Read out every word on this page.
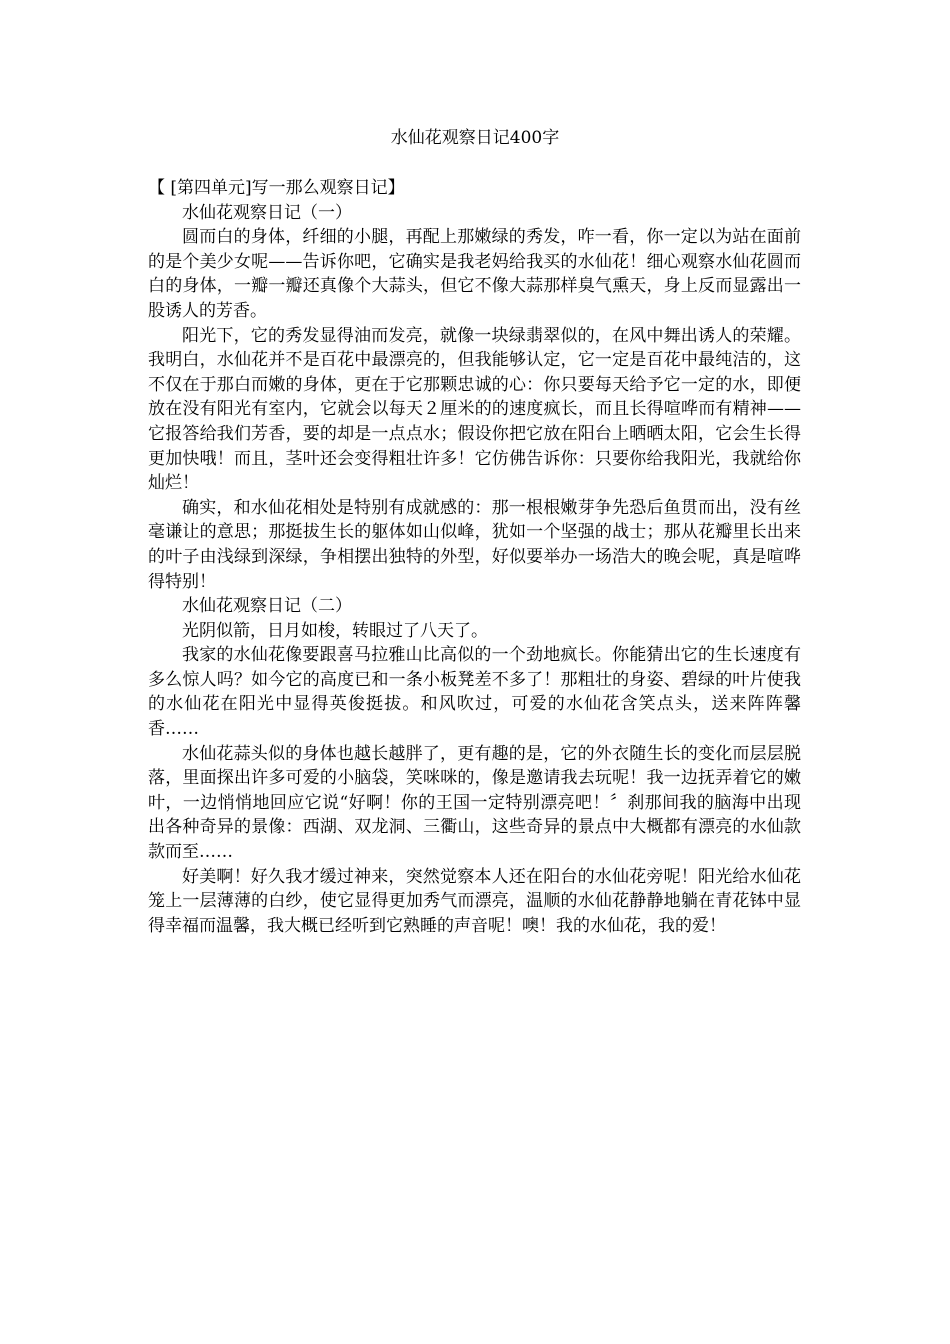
水仙花观察日记400字

【 [第四单元]写一那么观察日记】

水仙花观察日记（一）

圆而白的身体，纤细的小腿，再配上那嫩绿的秀发，咋一看，你一定以为站在面前的是个美少女呢——告诉你吧，它确实是我老妈给我买的水仙花！细心观察水仙花圆而白的身体，一瓣一瓣还真像个大蒜头，但它不像大蒜那样臭气熏天，身上反而显露出一股诱人的芳香。

阳光下，它的秀发显得油而发亮，就像一块绿翡翠似的，在风中舞出诱人的荣耀。我明白，水仙花并不是百花中最漂亮的，但我能够认定，它一定是百花中最纯洁的，这不仅在于那白而嫩的身体，更在于它那颗忠诚的心：你只要每天给予它一定的水，即便放在没有阳光有室内，它就会以每天２厘米的的速度疯长，而且长得喧哗而有精神——它报答给我们芳香，要的却是一点点水；假设你把它放在阳台上晒晒太阳，它会生长得更加快哦！而且，茎叶还会变得粗壮许多！它仿佛告诉你：只要你给我阳光，我就给你灿烂！

确实，和水仙花相处是特别有成就感的：那一根根嫩芽争先恐后鱼贯而出，没有丝毫谦让的意思；那挺拔生长的躯体如山似峰，犹如一个坚强的战士；那从花瓣里长出来的叶子由浅绿到深绿，争相摆出独特的外型，好似要举办一场浩大的晚会呢，真是喧哗得特别！

水仙花观察日记（二）

光阴似箭，日月如梭，转眼过了八天了。

我家的水仙花像要跟喜马拉雅山比高似的一个劲地疯长。你能猜出它的生长速度有多么惊人吗？如今它的高度已和一条小板凳差不多了！那粗壮的身姿、碧绿的叶片使我的水仙花在阳光中显得英俊挺拔。和风吹过，可爱的水仙花含笑点头，送来阵阵馨香……

水仙花蒜头似的身体也越长越胖了，更有趣的是，它的外衣随生长的变化而层层脱落，里面探出许多可爱的小脑袋，笑咪咪的，像是邀请我去玩呢！我一边抚弄着它的嫩叶，一边悄悄地回应它说“好啊！你的王国一定特别漂亮吧！〞刹那间我的脑海中出现出各种奇异的景像：西湖、双龙洞、三衢山，这些奇异的景点中大概都有漂亮的水仙款款而至……

好美啊！好久我才缓过神来，突然觉察本人还在阳台的水仙花旁呢！阳光给水仙花笼上一层薄薄的白纱，使它显得更加秀气而漂亮，温顺的水仙花静静地躺在青花钵中显得幸福而温馨，我大概已经听到它熟睡的声音呢！噢！我的水仙花，我的爱！
